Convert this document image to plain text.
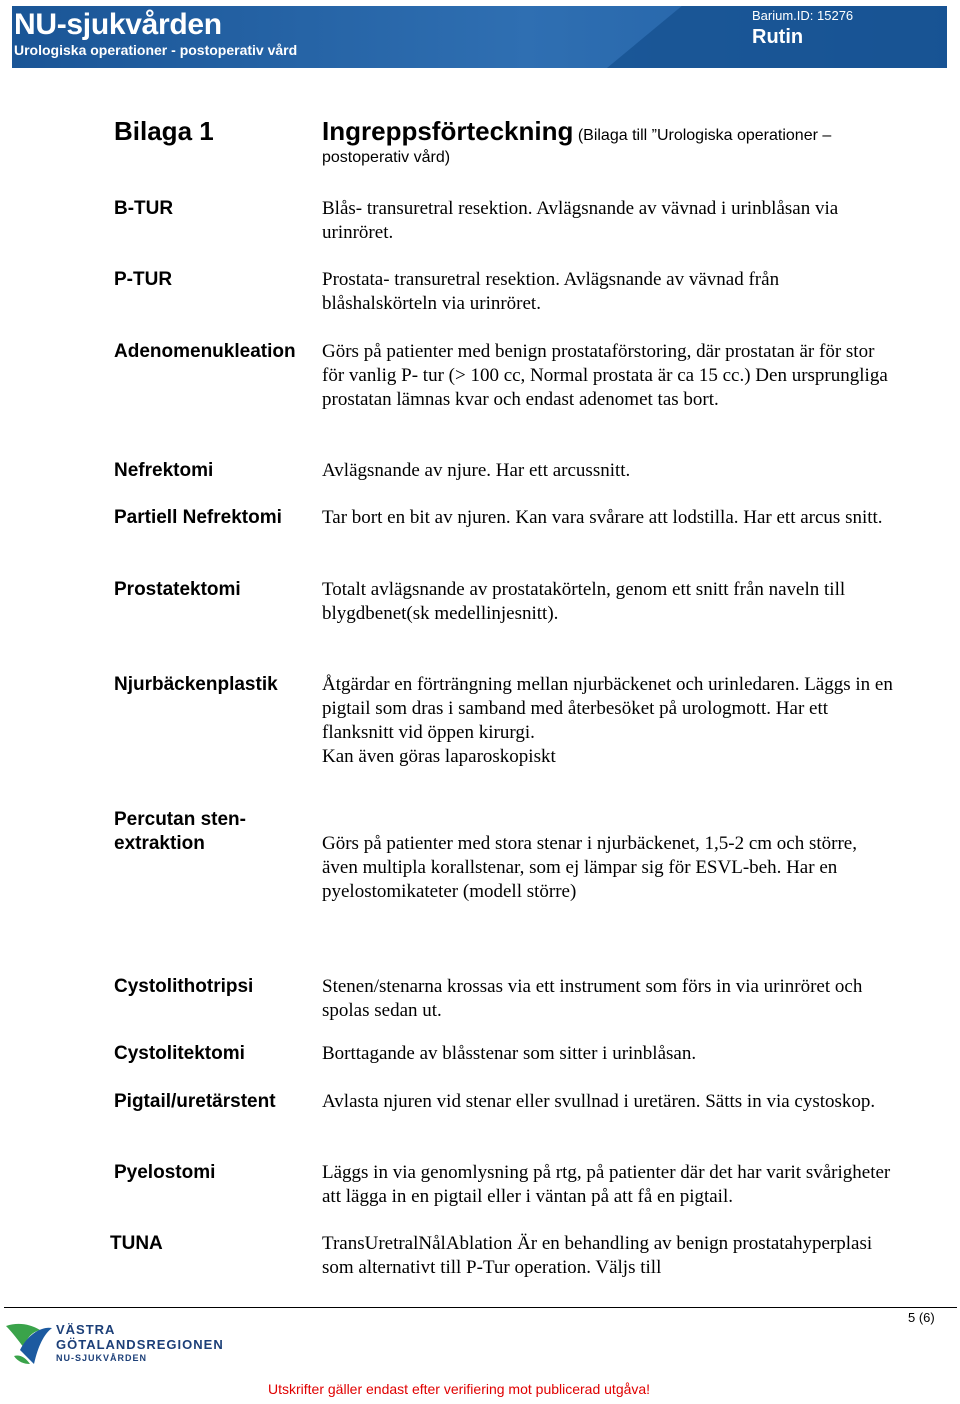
NU-sjukvården
Urologiska operationer - postoperativ vård
Barium.ID: 15276
Rutin
Bilaga 1	Ingreppsförteckning (Bilaga till ”Urologiska operationer –postoperativ vård)
B-TUR	Blås- transuretral resektion. Avlägsnande av vävnad i urinblåsan via urinröret.
P-TUR	Prostata- transuretral resektion. Avlägsnande av vävnad från blåshalskörteln via urinröret.
Adenomenukleation	Görs på patienter med benign prostataförstoring, där prostatan är för stor för vanlig P- tur (> 100 cc, Normal prostata är ca 15 cc.) Den ursprungliga prostatan lämnas kvar och endast adenomet tas bort.
Nefrektomi	Avlägsnande av njure. Har ett arcussnitt.
Partiell Nefrektomi	Tar bort en bit av njuren. Kan vara svårare att lodstilla. Har ett arcus snitt.
Prostatektomi	Totalt avlägsnande av prostatakörteln, genom ett snitt från naveln till blygdbenet(sk medellinjesnitt).
Njurbäckenplastik	Åtgärdar en förträngning mellan njurbäckenet och urinledaren. Läggs in en pigtail som dras i samband med återbesöket på urologmott. Har ett flanksnitt vid öppen kirurgi.
Kan även göras laparoskopiskt
Percutan sten-extraktion	Görs på patienter med stora stenar i njurbäckenet, 1,5-2 cm och större, även multipla korallstenar, som ej lämpar sig för ESVL-beh. Har en pyelostomikateter (modell större)
Cystolithotripsi	Stenen/stenarna krossas via ett instrument som förs in via urinröret och spolas sedan ut.
Cystolitektomi	Borttagande av blåsstenar som sitter i urinblåsan.
Pigtail/uretärstent	Avlasta njuren vid stenar eller svullnad i uretären. Sätts in via cystoskop.
Pyelostomi	Läggs in via genomlysning på rtg, på patienter där det har varit svårigheter att lägga in en pigtail eller i väntan på att få en pigtail.
TUNA	TransUretralNålAblation Är en behandling av benign prostatahyperplasi som alternativt till P-Tur operation. Väljs till
5 (6)
VÄSTRA
GÖTALANDSREGIONEN
NU-SJUKVÅRDEN
Utskrifter gäller endast efter verifiering mot publicerad utgåva!
